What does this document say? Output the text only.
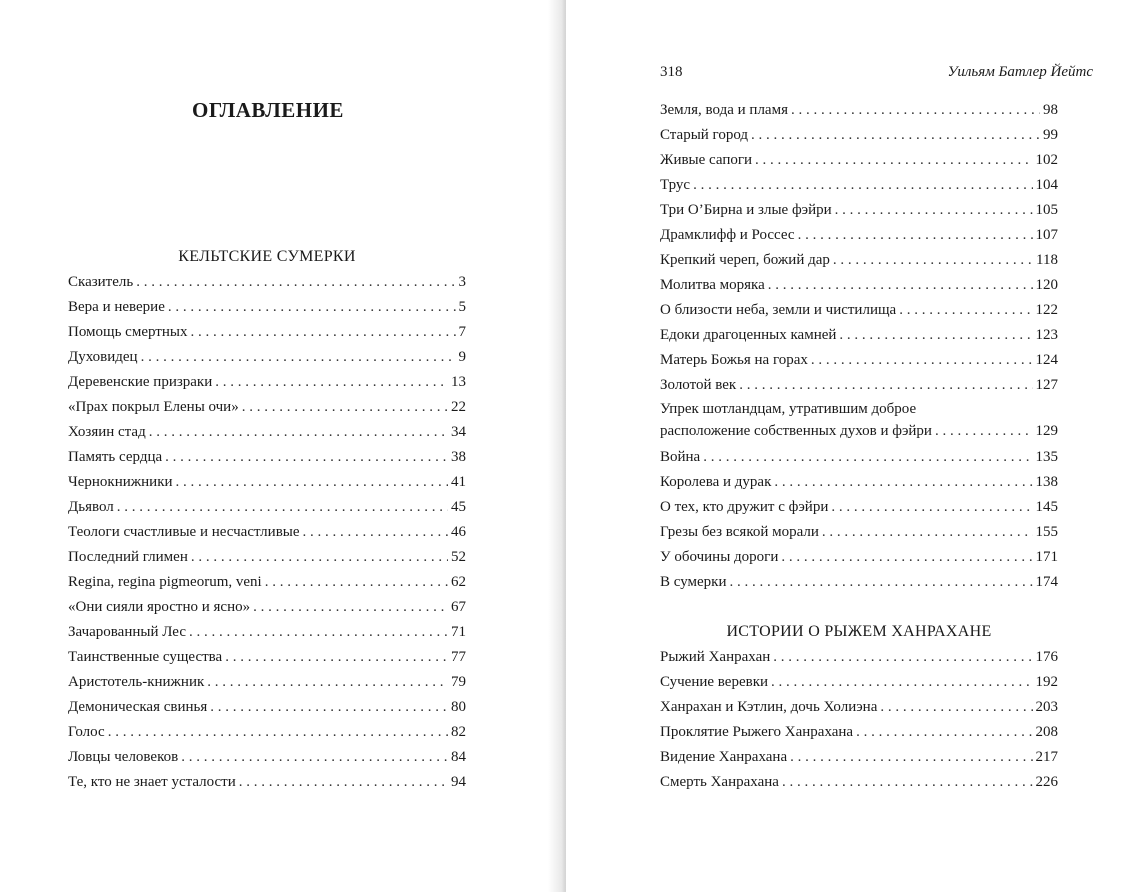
ОГЛАВЛЕНИЕ
КЕЛЬТСКИЕ СУМЕРКИ
Сказитель . . .	3
Вера и неверие . . .	5
Помощь смертных . . .	7
Духовидец . . .	9
Деревенские призраки . . .	13
«Прах покрыл Елены очи» . . .	22
Хозяин стад . . .	34
Память сердца . . .	38
Чернокнижники . . .	41
Дьявол . . .	45
Теологи счастливые и несчастливые . . .	46
Последний глимен . . .	52
Regina, regina pigmeorum, veni . . .	62
«Они сияли яростно и ясно» . . .	67
Зачарованный Лес . . .	71
Таинственные существа . . .	77
Аристотель-книжник . . .	79
Демоническая свинья . . .	80
Голос . . .	82
Ловцы человеков . . .	84
Те, кто не знает усталости . . .	94
318	Уильям Батлер Йейтс
Земля, вода и пламя . . .	98
Старый город . . .	99
Живые сапоги . . .	102
Трус . . .	104
Три О’Бирна и злые фэйри . . .	105
Драмклифф и Россес . . .	107
Крепкий череп, божий дар . . .	118
Молитва моряка . . .	120
О близости неба, земли и чистилища . . .	122
Едоки драгоценных камней . . .	123
Матерь Божья на горах . . .	124
Золотой век . . .	127
Упрек шотландцам, утратившим доброе
расположение собственных духов и фэйри . . .	129
Война . . .	135
Королева и дурак . . .	138
О тех, кто дружит с фэйри . . .	145
Грезы без всякой морали . . .	155
У обочины дороги . . .	171
В сумерки . . .	174
ИСТОРИИ О РЫЖЕМ ХАНРАХАНЕ
Рыжий Ханрахан . . .	176
Сучение веревки . . .	192
Ханрахан и Кэтлин, дочь Холиэна . . .	203
Проклятие Рыжего Ханрахана . . .	208
Видение Ханрахана . . .	217
Смерть Ханрахана . . .	226
